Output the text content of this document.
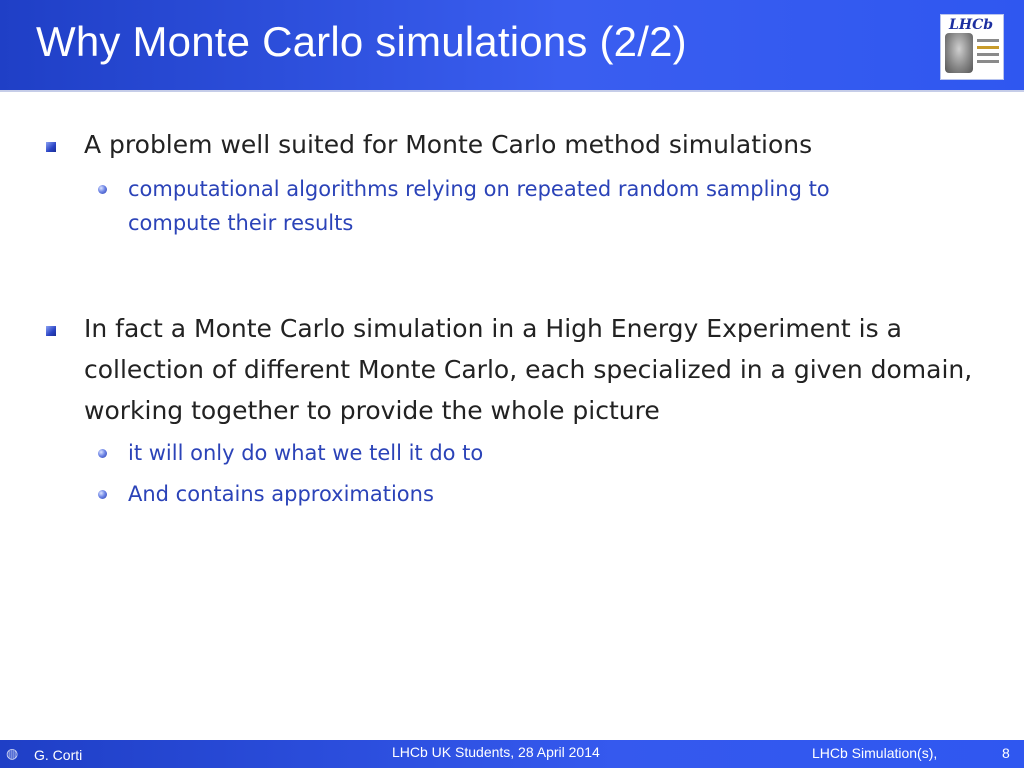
Why Monte Carlo simulations (2/2)	LHCb
A problem well suited for Monte Carlo method simulations
computational algorithms relying on repeated random sampling to compute their results
In fact a Monte Carlo simulation in a High Energy Experiment is a collection of different Monte Carlo, each specialized in a given domain, working together to provide the whole picture
it will only do what we tell it do to
And contains approximations
◍ G. Corti	LHCb UK Students, 28 April 2014	LHCb Simulation(s),	8
